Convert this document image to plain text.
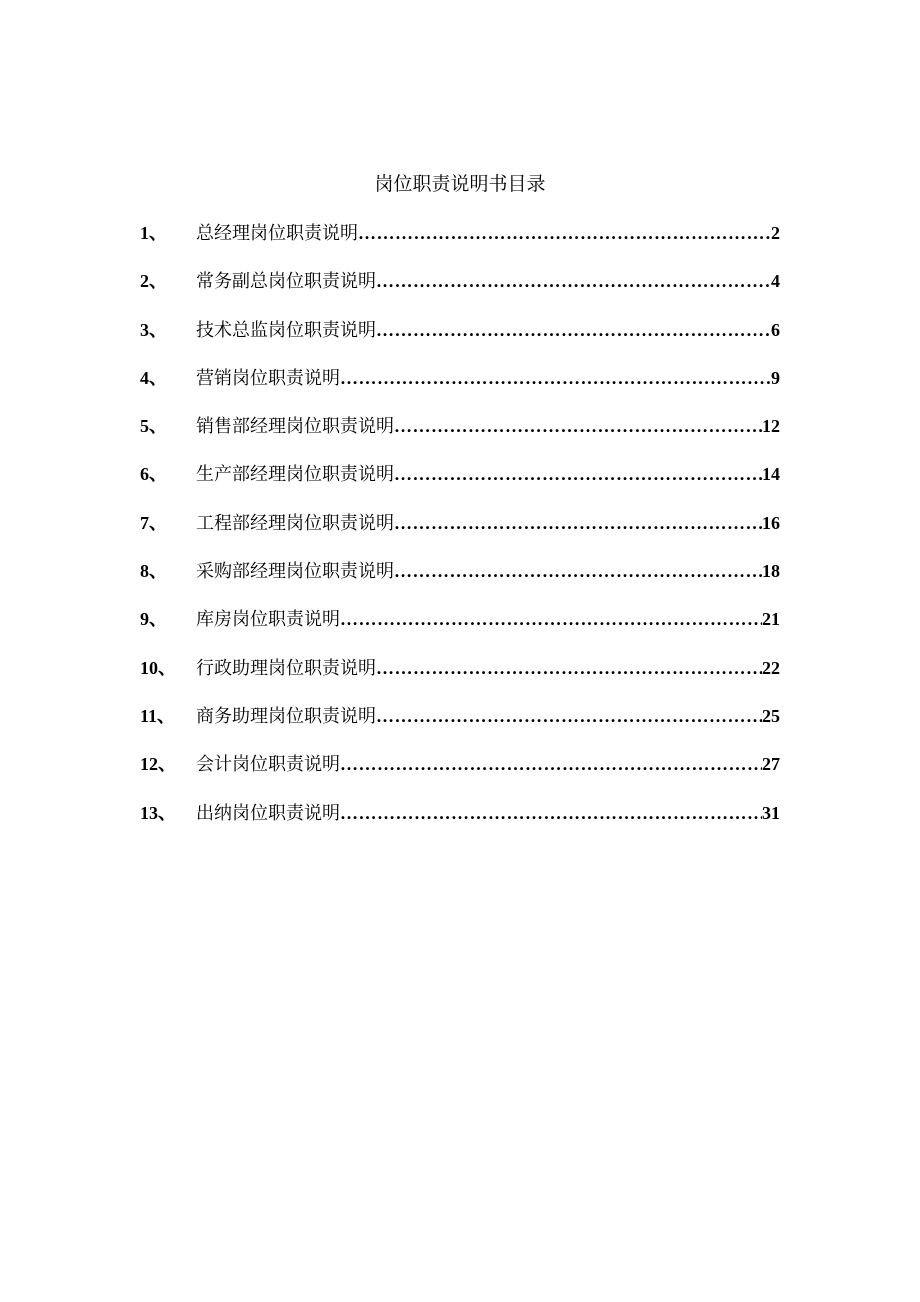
岗位职责说明书目录
1、	总经理岗位职责说明 ………………………………………………………………………………………………………………………………………	2
2、	常务副总岗位职责说明 ………………………………………………………………………………………………………………………………………	4
3、	技术总监岗位职责说明 ………………………………………………………………………………………………………………………………………	6
4、	营销岗位职责说明 ………………………………………………………………………………………………………………………………………	9
5、	销售部经理岗位职责说明 ………………………………………………………………………………………………………………………………………	12
6、	生产部经理岗位职责说明 ………………………………………………………………………………………………………………………………………	14
7、	工程部经理岗位职责说明 ………………………………………………………………………………………………………………………………………	16
8、	采购部经理岗位职责说明 ………………………………………………………………………………………………………………………………………	18
9、	库房岗位职责说明 ………………………………………………………………………………………………………………………………………	21
10、	行政助理岗位职责说明 ………………………………………………………………………………………………………………………………………	22
11、	商务助理岗位职责说明 ………………………………………………………………………………………………………………………………………	25
12、	会计岗位职责说明 ………………………………………………………………………………………………………………………………………	27
13、	出纳岗位职责说明 ………………………………………………………………………………………………………………………………………	31
